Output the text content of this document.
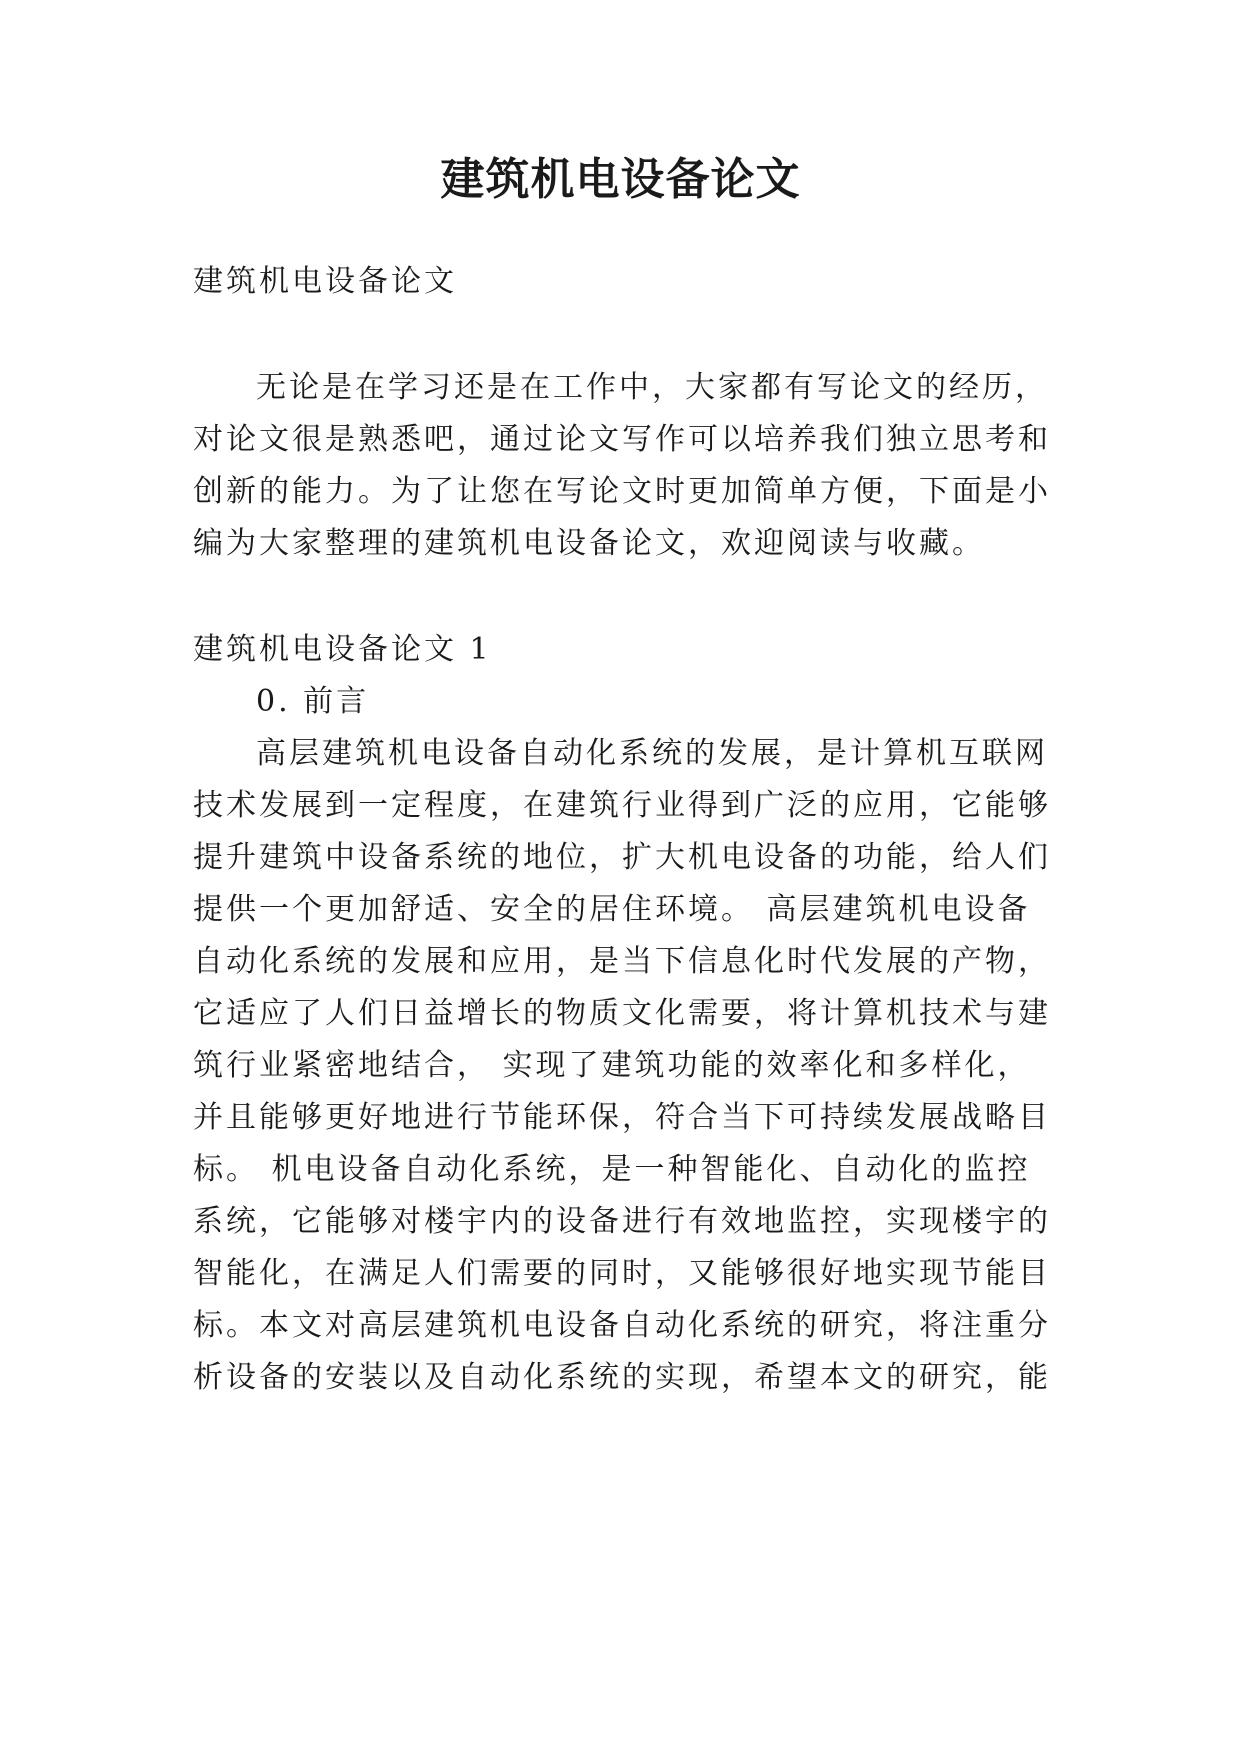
建筑机电设备论文

建筑机电设备论文

无论是在学习还是在工作中，大家都有写论文的经历，

对论文很是熟悉吧，通过论文写作可以培养我们独立思考和

创新的能力。为了让您在写论文时更加简单方便，下面是小

编为大家整理的建筑机电设备论文，欢迎阅读与收藏。

建筑机电设备论文 1

0. 前言

高层建筑机电设备自动化系统的发展，是计算机互联网

技术发展到一定程度，在建筑行业得到广泛的应用，它能够

提升建筑中设备系统的地位，扩大机电设备的功能，给人们

提供一个更加舒适、安全的居住环境。 高层建筑机电设备

自动化系统的发展和应用，是当下信息化时代发展的产物，

它适应了人们日益增长的物质文化需要，将计算机技术与建

筑行业紧密地结合， 实现了建筑功能的效率化和多样化，

并且能够更好地进行节能环保，符合当下可持续发展战略目

标。 机电设备自动化系统，是一种智能化、自动化的监控

系统，它能够对楼宇内的设备进行有效地监控，实现楼宇的

智能化，在满足人们需要的同时，又能够很好地实现节能目

标。本文对高层建筑机电设备自动化系统的研究，将注重分

析设备的安装以及自动化系统的实现，希望本文的研究，能
